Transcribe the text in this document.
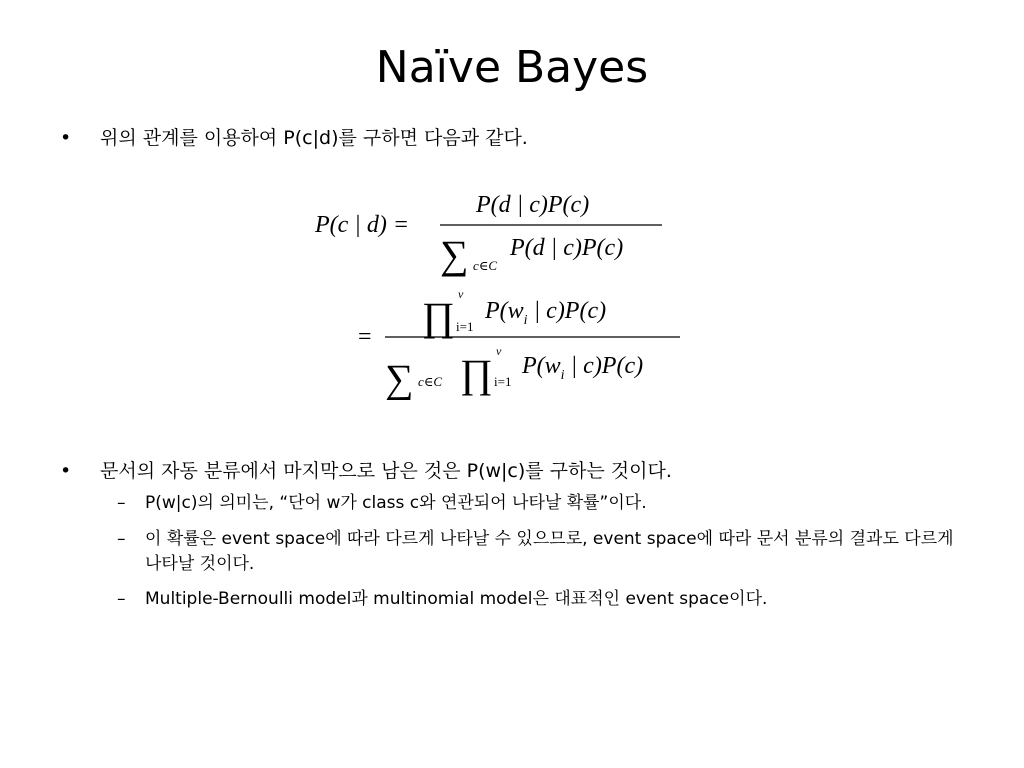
Naïve Bayes
•	위의 관계를 이용하여 P(c|d)를 구하면 다음과 같다.
P(c | d) =
P(d | c)P(c)
∑ c∈C
P(d | c)P(c)
= ∏ v
i=1
$P(w_i$ | c)P(c)
∑ c∈C ∏ v
i=1
$P(w_i$ | c)P(c)
•	문서의 자동 분류에서 마지막으로 남은 것은 P(w|c)를 구하는 것이다.
–	P(w|c)의 의미는, “단어 w가 class c와 연관되어 나타날 확률”이다.
–	이 확률은 event space에 따라 다르게 나타날 수 있으므로, event space에 따라 문서 분류의 결과도 다르게 나타날 것이다.
–	Multiple-Bernoulli model과 multinomial model은 대표적인 event space이다.
